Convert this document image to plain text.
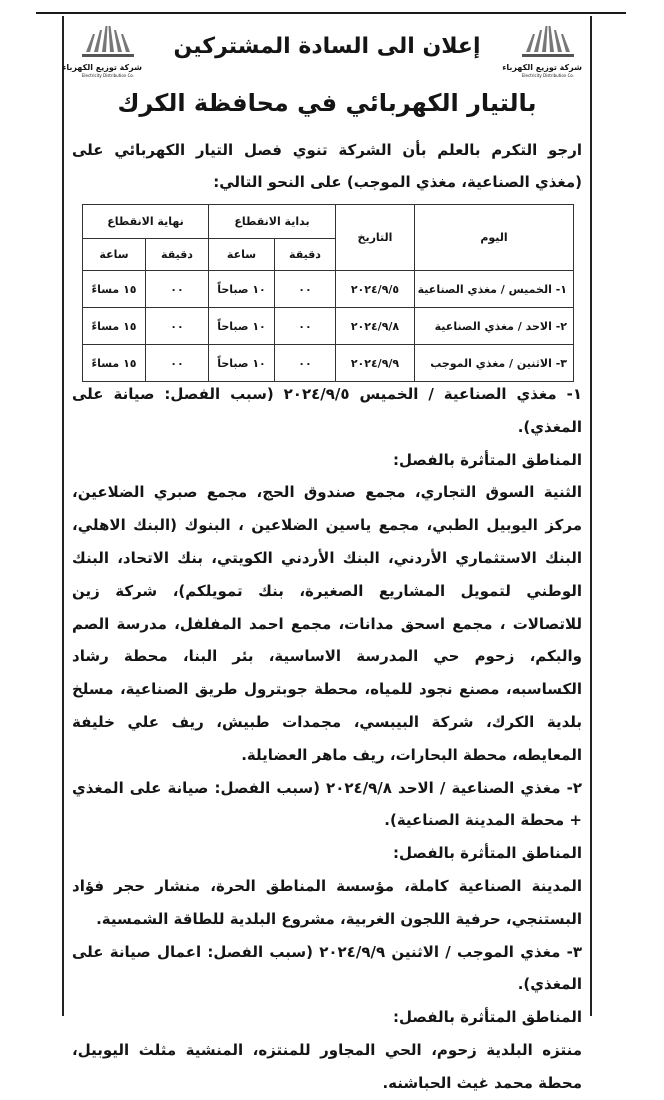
شركة توزيع الكهرباء
Electricity Distribution Co.
شركة توزيع الكهرباء
Electricity Distribution Co.
إعلان الى السادة المشتركين
بالتيار الكهربائي في محافظة الكرك
ارجو التكرم بالعلم بأن الشركة تنوي فصل التيار الكهربائي على (مغذي الصناعية، مغذي الموجب) على النحو التالي:
اليوم	التاريخ	بداية الانقطاع		نهاية الانقطاع	
		دقيقة	ساعة	دقيقة	ساعة
١- الخميس / مغذي الصناعية	٢٠٢٤/٩/٥	٠٠	١٠ صباحاً	٠٠	١٥ مساءً
٢- الاحد / مغذي الصناعية	٢٠٢٤/٩/٨	٠٠	١٠ صباحاً	٠٠	١٥ مساءً
٣- الاثنين / مغذي الموجب	٢٠٢٤/٩/٩	٠٠	١٠ صباحاً	٠٠	١٥ مساءً

١- مغذي الصناعية / الخميس ٢٠٢٤/٩/٥ (سبب الفصل: صيانة على المغذي).

المناطق المتأثرة بالفصل:

الثنية السوق التجاري، مجمع صندوق الحج، مجمع صبري الضلاعين، مركز اليوبيل الطبي، مجمع ياسين الضلاعين ، البنوك (البنك الاهلي، البنك الاستثماري الأردني، البنك الأردني الكويتي، بنك الاتحاد، البنك الوطني لتمويل المشاريع الصغيرة، بنك تمويلكم)، شركة زين للاتصالات ، مجمع اسحق مدانات، مجمع احمد المفلفل، مدرسة الصم والبكم، زحوم حي المدرسة الاساسية، بئر البنا، محطة رشاد الكساسبه، مصنع نجود للمياه، محطة جوبترول طريق الصناعية، مسلخ بلدية الكرك، شركة البيبسي، مجمدات طبيش، ريف علي خليفة المعايطه، محطة البحارات، ريف ماهر العضايلة.

٢- مغذي الصناعية / الاحد ٢٠٢٤/٩/٨ (سبب الفصل: صيانة على المغذي + محطة المدينة الصناعية).

المناطق المتأثرة بالفصل:

المدينة الصناعية كاملة، مؤسسة المناطق الحرة، منشار حجر فؤاد البستنجي، حرفية اللجون الغربية، مشروع البلدية للطاقة الشمسية.

٣- مغذي الموجب / الاثنين ٢٠٢٤/٩/٩ (سبب الفصل: اعمال صيانة على المغذي).

المناطق المتأثرة بالفصل:

منتزه البلدية زحوم، الحي المجاور للمنتزه، المنشية مثلث اليوبيل، محطة محمد غيث الحباشنه.
